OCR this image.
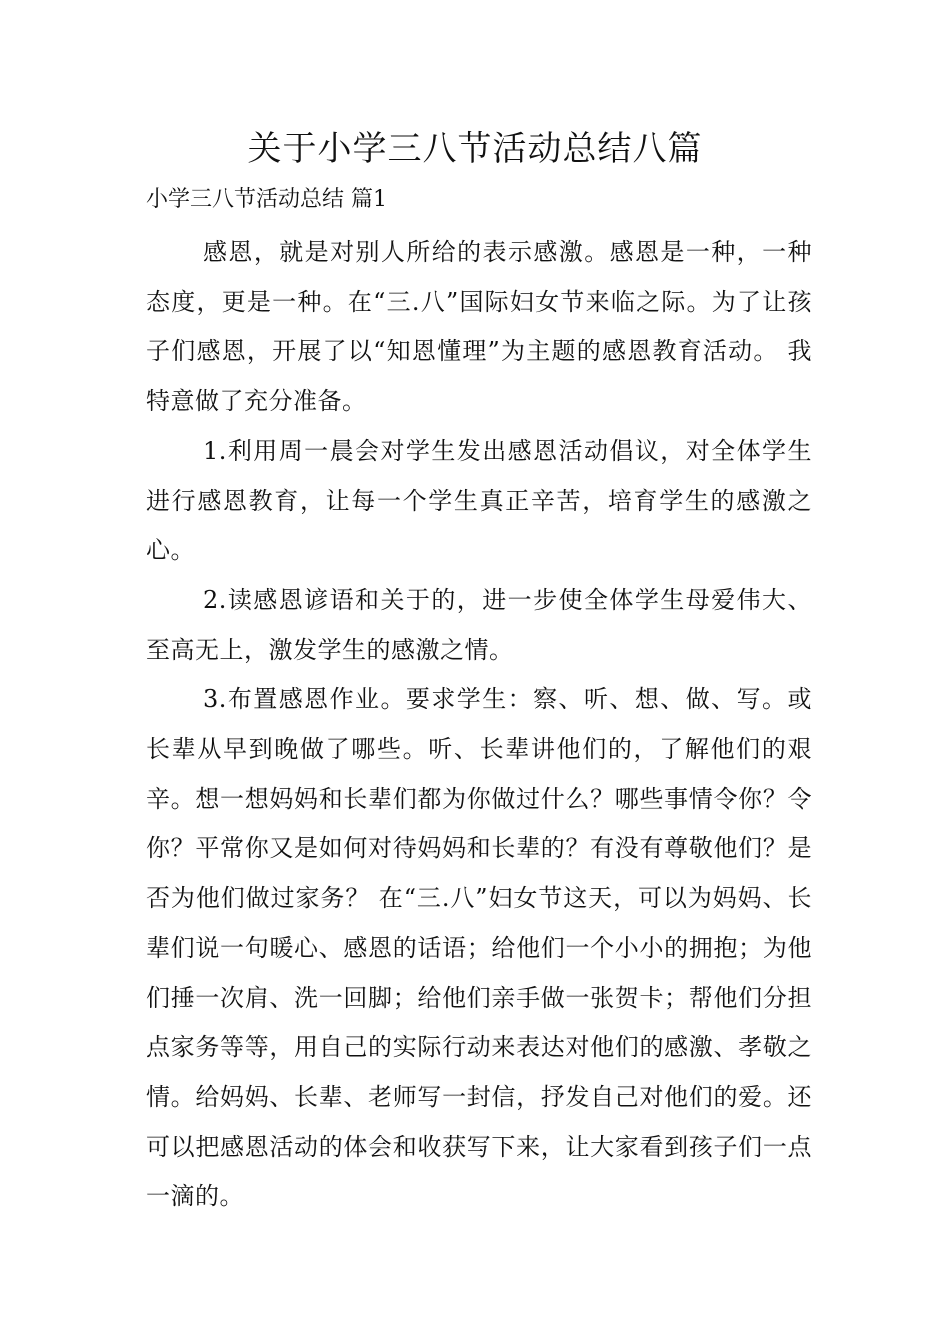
关于小学三八节活动总结八篇

小学三八节活动总结 篇1

感恩，就是对别人所给的表示感激。感恩是一种，一种态度，更是一种。在“三.八”国际妇女节来临之际。为了让孩子们感恩，开展了以“知恩懂理”为主题的感恩教育活动。 我特意做了充分准备。

1.利用周一晨会对学生发出感恩活动倡议，对全体学生进行感恩教育，让每一个学生真正辛苦，培育学生的感激之心。

2.读感恩谚语和关于的，进一步使全体学生母爱伟大、至高无上，激发学生的感激之情。

3.布置感恩作业。要求学生：察、听、想、做、写。或长辈从早到晚做了哪些。听、长辈讲他们的，了解他们的艰辛。想一想妈妈和长辈们都为你做过什么？哪些事情令你？令你？平常你又是如何对待妈妈和长辈的？有没有尊敬他们？是否为他们做过家务？ 在“三.八”妇女节这天，可以为妈妈、长辈们说一句暖心、感恩的话语；给他们一个小小的拥抱；为他们捶一次肩、洗一回脚；给他们亲手做一张贺卡；帮他们分担点家务等等，用自己的实际行动来表达对他们的感激、孝敬之情。给妈妈、长辈、老师写一封信，抒发自己对他们的爱。还可以把感恩活动的体会和收获写下来，让大家看到孩子们一点一滴的。
